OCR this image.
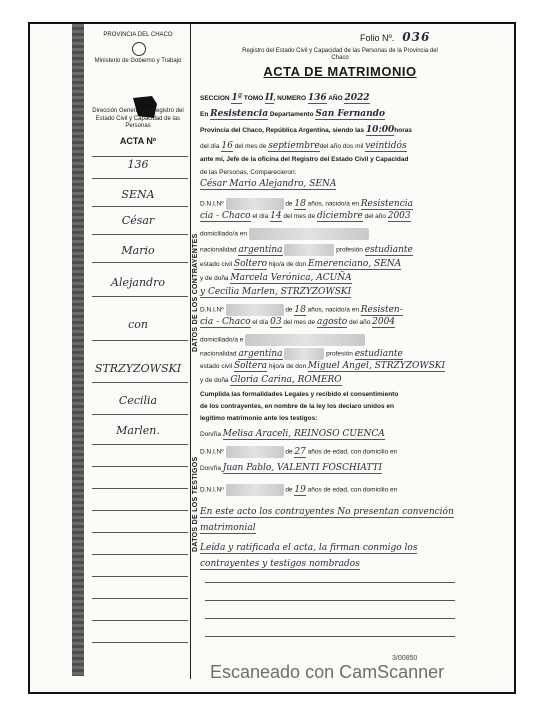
PROVINCIA DEL CHACO
Ministerio de Gobierno y Trabajo
Dirección General del Registro del Estado Civil y Capacidad de las Personas
ACTA Nº
136
SENA
César
Mario
Alejandro
con
STRZYZOWSKI
Cecilia
Marlen.
Folio Nº. 036
Registro del Estado Civil y Capacidad de las Personas de la Provincia del Chaco
ACTA DE MATRIMONIO
DATOS DE LOS CONTRAYENTES
DATOS DE LOS TESTIGOS
SECCION 1ª TOMO II, NUMERO 136 AÑO 2022
En Resistencia Departamento San Fernando
Provincia del Chaco, República Argentina, siendo las 10:00horas
del día 16 del mes de septiembredel año dos mil veintidós
ante mí, Jefe de la oficina del Registro del Estado Civil y Capacidad
de las Personas, Comparecieron:
César Mario Alejandro, SENA
D.N.I.Nº	de 18 años, nacido/a en Resistencia
cia - Chaco el día 14 del mes de diciembre del año 2003
domiciliado/a en
nacionalidad argentina	profesión estudiante
estado civil Soltero hijo/a de don Emerenciano, SENA
y de doña Marcela Verónica, ACUÑA
y Cecilia Marlen, STRZYZOWSKI
D.N.I.Nº	de 18 años, nacido/a en Resisten-
cia - Chaco el día 03 del mes de agosto del año 2004
domiciliado/a e
nacionalidad argentina	profesión estudiante
estado civil Soltera hijo/a de don Miguel Angel, STRZYZOWSKI
y de doña Gloria Carina, ROMERO
Cumplida las formalidades Legales y recibido el consentimiento
de los contrayentes, en nombre de la ley los declaro unidos en
legítimo matrimonio ante los testigos:
Don/ña Melisa Araceli, REINOSO CUENCA
D.N.I.Nº	de 27 años de edad, con domicilio en
Don/ña Juan Pablo, VALENTI FOSCHIATTI
D.N.I.Nº	de 19 años de edad, con domicilio en
En este acto los contrayentes No presentan convención
matrimonial
Leída y ratificada el acta, la firman conmigo los
contrayentes y testigos nombrados
3/00850
Escaneado con CamScanner
